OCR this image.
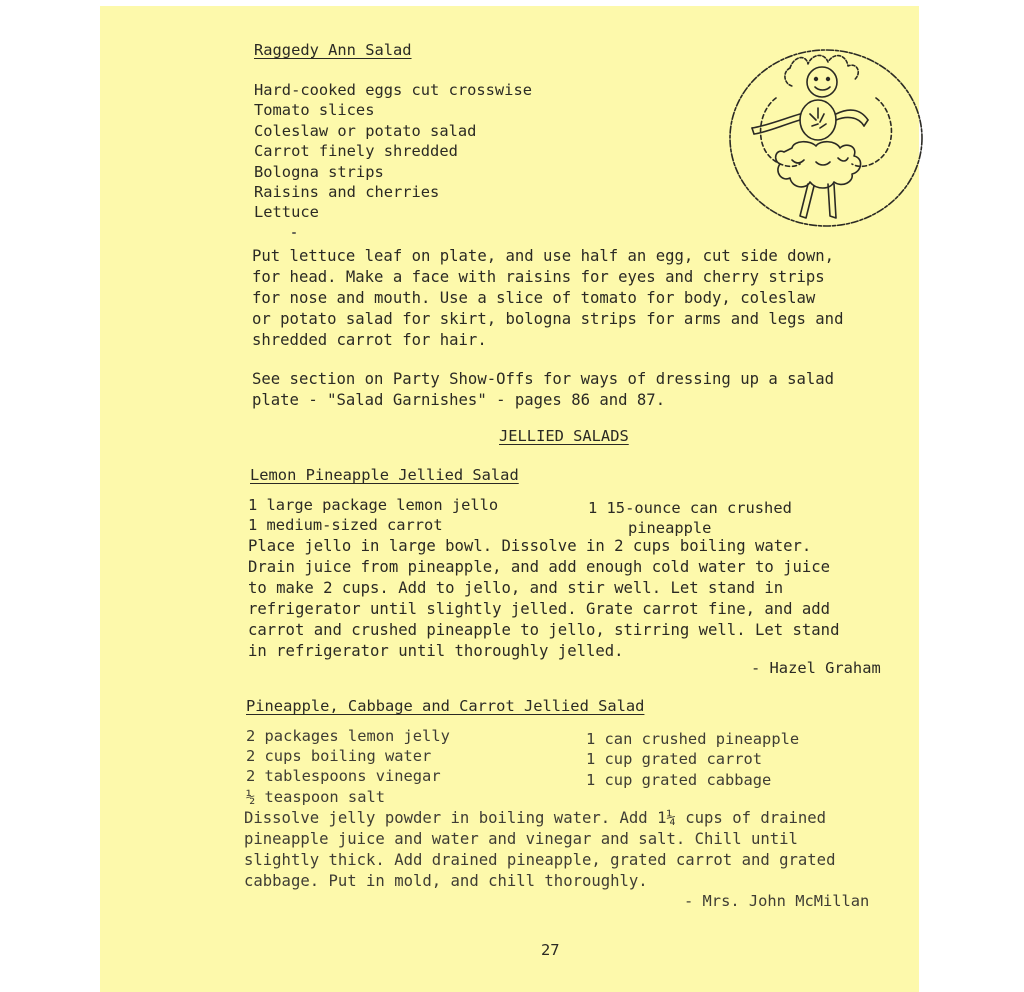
Raggedy Ann Salad

Hard-cooked eggs cut crosswise

Tomato slices

Coleslaw or potato salad

Carrot finely shredded

Bologna strips

Raisins and cherries

Lettuce

Put lettuce leaf on plate, and use half an egg, cut side down,

for head. Make a face with raisins for eyes and cherry strips

for nose and mouth. Use a slice of tomato for body, coleslaw

or potato salad for skirt, bologna strips for arms and legs and

shredded carrot for hair.

See section on Party Show-Offs for ways of dressing up a salad

plate - "Salad Garnishes" - pages 86 and 87.

JELLIED SALADS

Lemon Pineapple Jellied Salad

1 large package lemon jello

1 medium-sized carrot

1 15-ounce can crushed

pineapple

Place jello in large bowl. Dissolve in 2 cups boiling water.

Drain juice from pineapple, and add enough cold water to juice

to make 2 cups. Add to jello, and stir well. Let stand in

refrigerator until slightly jelled. Grate carrot fine, and add

carrot and crushed pineapple to jello, stirring well. Let stand

in refrigerator until thoroughly jelled.

- Hazel Graham

Pineapple, Cabbage and Carrot Jellied Salad

2 packages lemon jelly

2 cups boiling water

2 tablespoons vinegar

½ teaspoon salt

1 can crushed pineapple

1 cup grated carrot

1 cup grated cabbage

Dissolve jelly powder in boiling water. Add 1¼ cups of drained

pineapple juice and water and vinegar and salt. Chill until

slightly thick. Add drained pineapple, grated carrot and grated

cabbage. Put in mold, and chill thoroughly.

- Mrs. John McMillan

27
